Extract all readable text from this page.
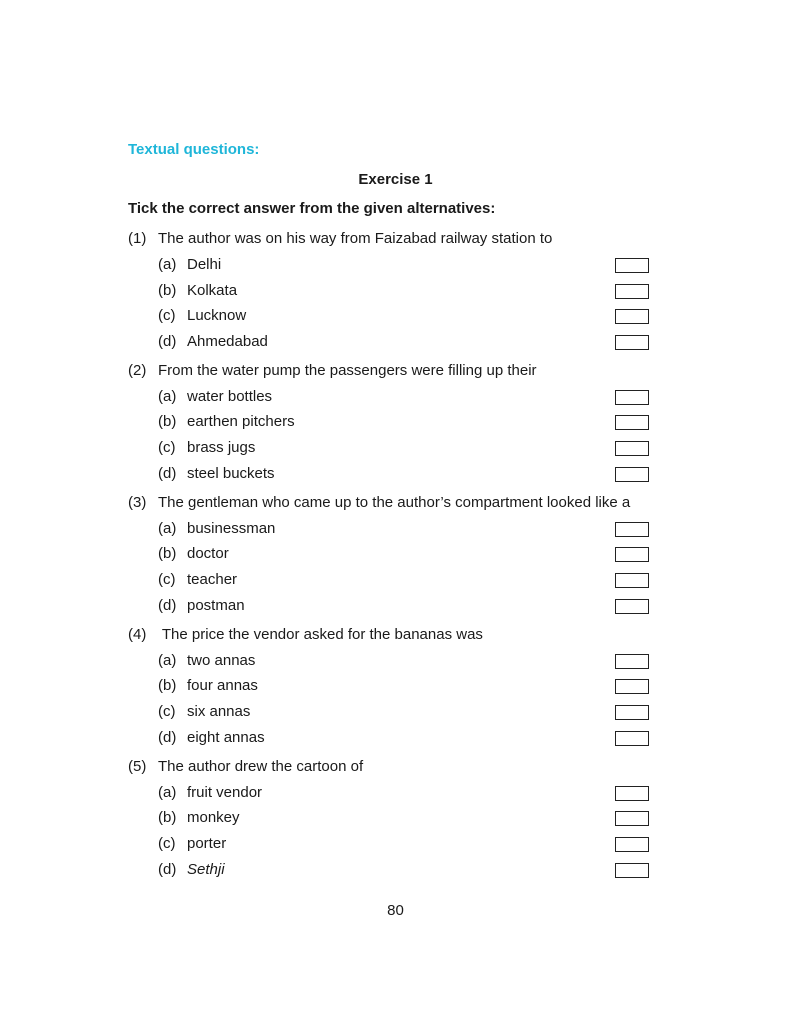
Textual questions:
Exercise 1
Tick the correct answer from the given alternatives:
(1) The author was on his way from Faizabad railway station to
(a) Delhi
(b) Kolkata
(c) Lucknow
(d) Ahmedabad
(2) From the water pump the passengers were filling up their
(a) water bottles
(b) earthen pitchers
(c) brass jugs
(d) steel buckets
(3) The gentleman who came up to the author’s compartment looked like a
(a) businessman
(b) doctor
(c) teacher
(d) postman
(4) The price the vendor asked for the bananas was
(a) two annas
(b) four annas
(c) six annas
(d) eight annas
(5) The author drew the cartoon of
(a) fruit vendor
(b) monkey
(c) porter
(d) Sethji
80
